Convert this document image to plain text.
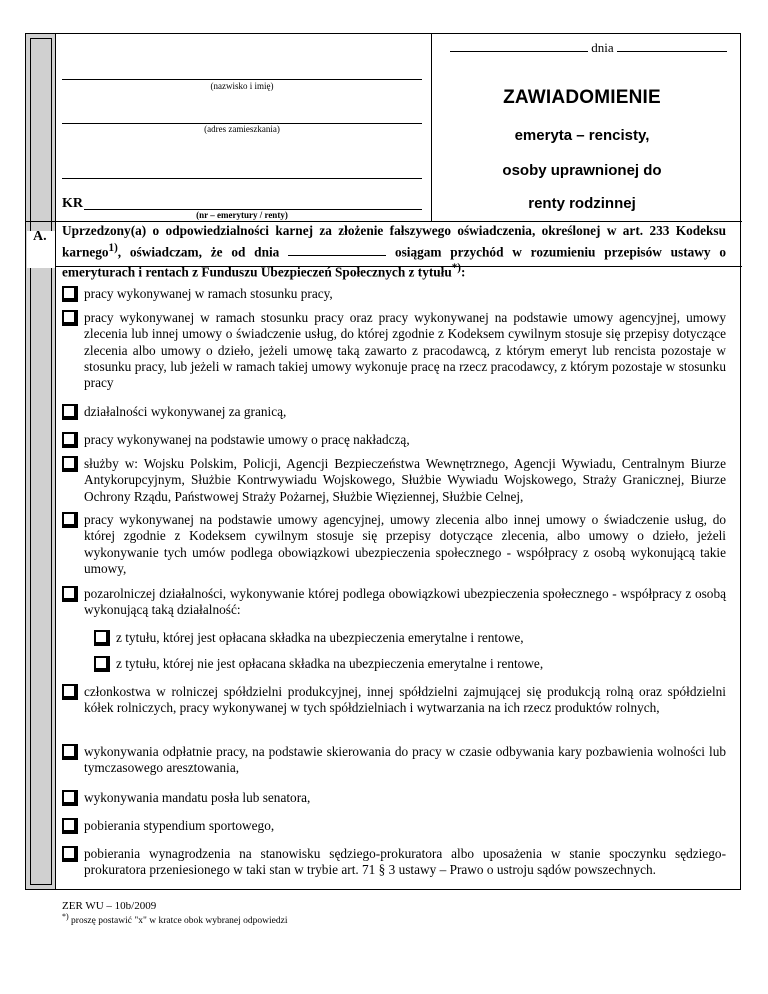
dnia
(nazwisko i imię)
(adres zamieszkania)
KR
(nr – emerytury / renty)
ZAWIADOMIENIE
emeryta – rencisty,
osoby uprawnionej do
renty rodzinnej
A. Uprzedzony(a) o odpowiedzialności karnej za złożenie fałszywego oświadczenia, określonej w art. 233 Kodeksu karnego$^{1)}$, oświadczam, że od dnia	osiągam przychód w rozumieniu przepisów ustawy o emeryturach i rentach z Funduszu Ubezpieczeń Społecznych z tytułu*):
pracy wykonywanej w ramach stosunku pracy,
pracy wykonywanej w ramach stosunku pracy oraz pracy wykonywanej na podstawie umowy agencyjnej, umowy zlecenia lub innej umowy o świadczenie usług, do której zgodnie z Kodeksem cywilnym stosuje się przepisy dotyczące zlecenia albo umowy o dzieło, jeżeli umowę taką zawarto z pracodawcą, z którym emeryt lub rencista pozostaje w stosunku pracy, lub jeżeli w ramach takiej umowy wykonuje pracę na rzecz pracodawcy, z którym pozostaje w stosunku pracy
działalności wykonywanej za granicą,
pracy wykonywanej na podstawie umowy o pracę nakładczą,
służby w: Wojsku Polskim, Policji, Agencji Bezpieczeństwa Wewnętrznego, Agencji Wywiadu, Centralnym Biurze Antykorupcyjnym, Służbie Kontrwywiadu Wojskowego, Służbie Wywiadu Wojskowego, Straży Granicznej, Biurze Ochrony Rządu, Państwowej Straży Pożarnej, Służbie Więziennej, Służbie Celnej,
pracy wykonywanej na podstawie umowy agencyjnej, umowy zlecenia albo innej umowy o świadczenie usług, do której zgodnie z Kodeksem cywilnym stosuje się przepisy dotyczące zlecenia, albo umowy o dzieło, jeżeli wykonywanie tych umów podlega obowiązkowi ubezpieczenia społecznego - współpracy z osobą wykonującą takie umowy,
pozarolniczej działalności, wykonywanie której podlega obowiązkowi ubezpieczenia społecznego - współpracy z osobą wykonującą taką działalność:
z tytułu, której jest opłacana składka na ubezpieczenia emerytalne i rentowe,
z tytułu, której nie jest opłacana składka na ubezpieczenia emerytalne i rentowe,
członkostwa w rolniczej spółdzielni produkcyjnej, innej spółdzielni zajmującej się produkcją rolną oraz spółdzielni kółek rolniczych, pracy wykonywanej w tych spółdzielniach i wytwarzania na ich rzecz produktów rolnych,
wykonywania odpłatnie pracy, na podstawie skierowania do pracy w czasie odbywania kary pozbawienia wolności lub tymczasowego aresztowania,
wykonywania mandatu posła lub senatora,
pobierania stypendium sportowego,
pobierania wynagrodzenia na stanowisku sędziego-prokuratora albo uposażenia w stanie spoczynku sędziego-prokuratora przeniesionego w taki stan w trybie art. 71 § 3 ustawy – Prawo o ustroju sądów powszechnych.
ZER WU – 10b/2009
*) proszę postawić "x" w kratce obok wybranej odpowiedzi
